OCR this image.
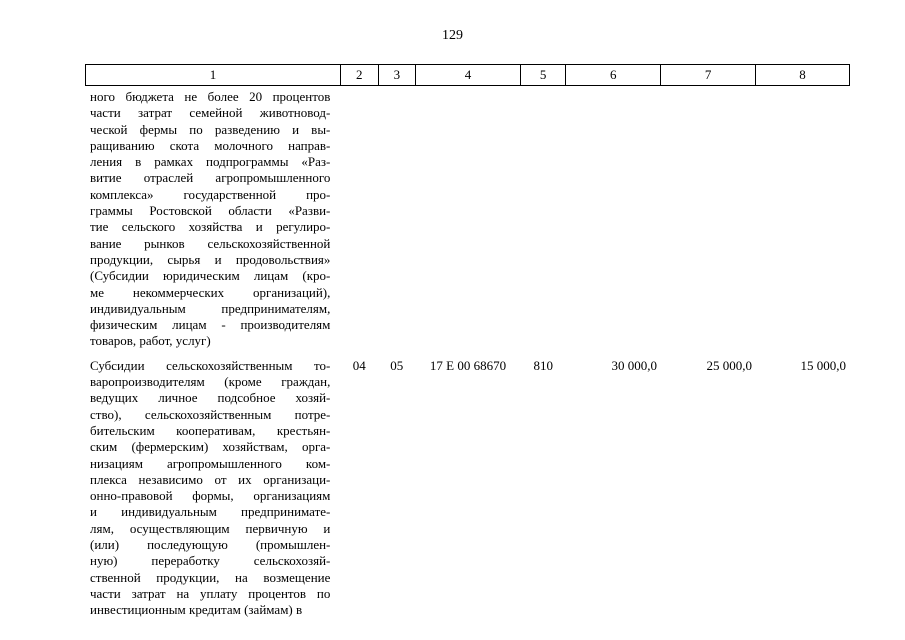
129
1	2	3	4	5	6	7	8
ного бюджета не более 20 процентов
части затрат семейной животновод-
ческой фермы по разведению и вы-
ращиванию скота молочного направ-
ления в рамках подпрограммы «Раз-
витие отраслей агропромышленного
комплекса» государственной про-
граммы Ростовской области «Разви-
тие сельского хозяйства и регулиро-
вание рынков сельскохозяйственной
продукции, сырья и продовольствия»
(Субсидии юридическим лицам (кро-
ме некоммерческих организаций),
индивидуальным предпринимателям,
физическим лицам - производителям
товаров, работ, услуг)
Субсидии сельскохозяйственным то-
варопроизводителям (кроме граждан,
ведущих личное подсобное хозяй-
ство), сельскохозяйственным потре-
бительским кооперативам, крестьян-
ским (фермерским) хозяйствам, орга-
низациям агропромышленного ком-
плекса независимо от их организаци-
онно-правовой формы, организациям
и индивидуальным предпринимате-
лям, осуществляющим первичную и
(или) последующую (промышлен-
ную) переработку сельскохозяй-
ственной продукции, на возмещение
части затрат на уплату процентов по
инвестиционным кредитам (займам) в
04	05	17 Е 00 68670	810	30 000,0	25 000,0	15 000,0
